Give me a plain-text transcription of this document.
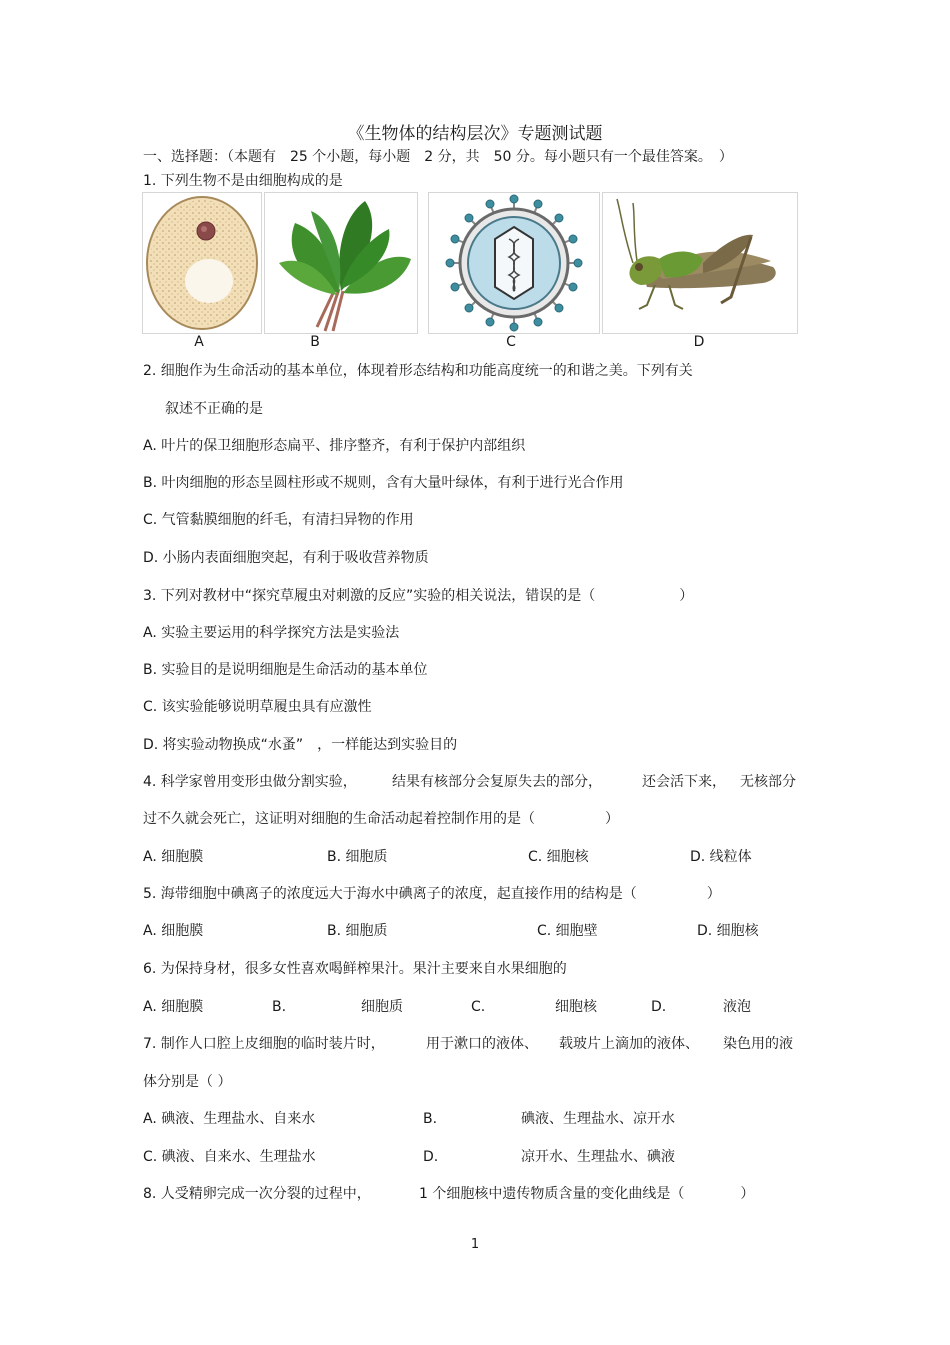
《生物体的结构层次》专题测试题
一、选择题：（本题有　25 个小题，每小题　2 分，共　50 分。每小题只有一个最佳答案。　）
1. 下列生物不是由细胞构成的是
A	B	C	D
2. 细胞作为生命活动的基本单位，体现着形态结构和功能高度统一的和谐之美。下列有关
叙述不正确的是
A. 叶片的保卫细胞形态扁平、排序整齐，有利于保护内部组织
B. 叶肉细胞的形态呈圆柱形或不规则，含有大量叶绿体，有利于进行光合作用
C. 气管黏膜细胞的纤毛，有清扫异物的作用
D. 小肠内表面细胞突起，有利于吸收营养物质
3. 下列对教材中“探究草履虫对刺激的反应”实验的相关说法，错误的是（　　　　　　）
A. 实验主要运用的科学探究方法是实验法
B. 实验目的是说明细胞是生命活动的基本单位
C. 该实验能够说明草履虫具有应激性
D. 将实验动物换成“水蚤”　，一样能达到实验目的
4. 科学家曾用变形虫做分割实验，	结果有核部分会复原失去的部分，	还会活下来， 无核部分
过不久就会死亡，这证明对细胞的生命活动起着控制作用的是（　　　　　）
A. 细胞膜	B. 细胞质	C. 细胞核	D. 线粒体
5. 海带细胞中碘离子的浓度远大于海水中碘离子的浓度，起直接作用的结构是（　　　　　）
A. 细胞膜	B. 细胞质	C. 细胞壁	D. 细胞核
6. 为保持身材，很多女性喜欢喝鲜榨果汁。果汁主要来自水果细胞的
A. 细胞膜	B.	细胞质	C.	细胞核	D.	液泡
7. 制作人口腔上皮细胞的临时装片时，	用于漱口的液体、 载玻片上滴加的液体、 染色用的液
体分别是（ ）
A. 碘液、生理盐水、自来水	B.	碘液、生理盐水、凉开水
C. 碘液、自来水、生理盐水	D.	凉开水、生理盐水、碘液
8. 人受精卵完成一次分裂的过程中，	1 个细胞核中遗传物质含量的变化曲线是（　　　　）
1
